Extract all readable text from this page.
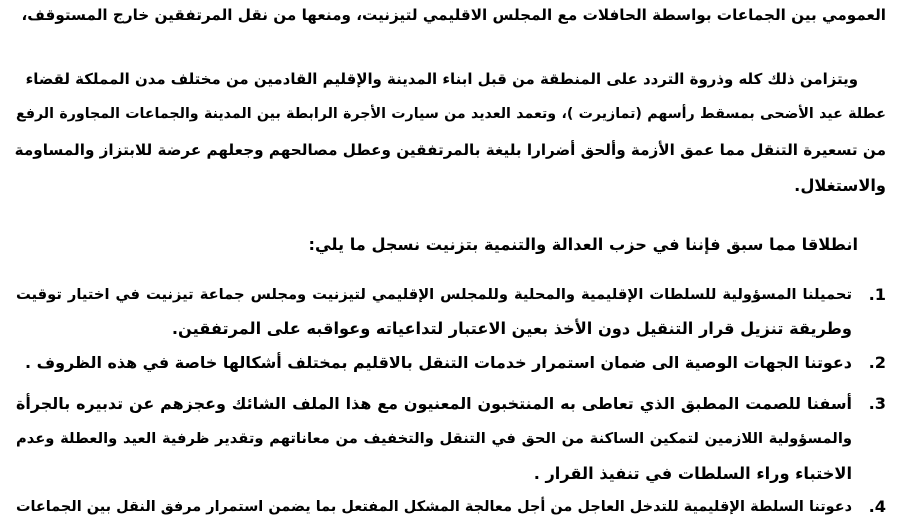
العمومي بين الجماعات بواسطة الحافلات مع المجلس الاقليمي لتيزنيت، ومنعها من نقل المرتفقين خارج المستوقف،
ويتزامن ذلك كله وذروة التردد على المنطقة من قبل ابناء المدينة والإقليم القادمين من مختلف مدن المملكة لقضاء
عطلة عيد الأضحى بمسقط رأسهم (تمازيرت )، وتعمد العديد من سيارت الأجرة الرابطة بين المدينة والجماعات المجاورة الرفع
من تسعيرة التنقل مما عمق الأزمة وألحق أضرارا بليغة بالمرتفقين وعطل مصالحهم وجعلهم عرضة للابتزاز والمساومة
والاستغلال.
انطلاقا مما سبق فإننا في حزب العدالة والتنمية بتزنيت نسجل ما يلي:
1.
تحميلنا المسؤولية للسلطات الإقليمية والمحلية وللمجلس الإقليمي لتيزنيت ومجلس جماعة تيزنيت في اختيار توقيت
وطريقة تنزيل قرار التنقيل دون الأخذ بعين الاعتبار لتداعياته وعواقبه على المرتفقين.
2.
دعوتنا الجهات الوصية الى ضمان استمرار خدمات التنقل بالاقليم بمختلف أشكالها خاصة في هذه الظروف .
3.
أسفنا للصمت المطبق الذي تعاطى به المنتخبون المعنيون مع هذا الملف الشائك وعجزهم عن تدبيره بالجرأة
والمسؤولية اللازمين لتمكين الساكنة من الحق في التنقل والتخفيف من معاناتهم وتقدير ظرفية العيد والعطلة وعدم
الاختباء وراء السلطات في تنفيذ القرار .
4.
دعوتنا السلطة الإقليمية للتدخل العاجل من أجل معالجة المشكل المفتعل بما يضمن استمرار مرفق النقل بين الجماعات
